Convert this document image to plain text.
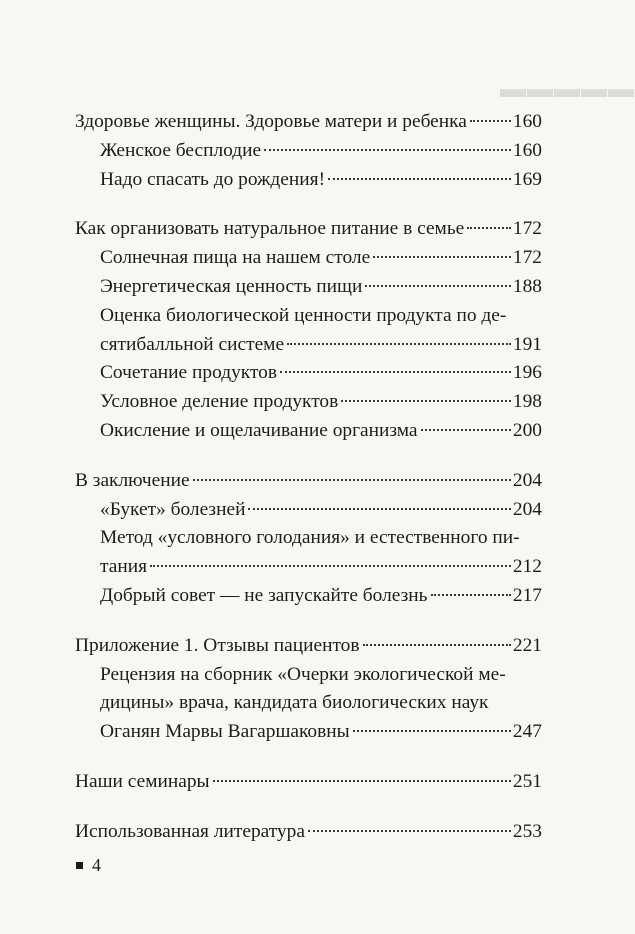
▬▬▬▬▬
Здоровье женщины. Здоровье матери и ребенка 160
Женское бесплодие	160
Надо спасать до рождения!	169
Как организовать натуральное питание в семье	172
Солнечная пища на нашем столе	172
Энергетическая ценность пищи	188
Оценка биологической ценности продукта по де-
сятибалльной системе	191
Сочетание продуктов	196
Условное деление продуктов	198
Окисление и ощелачивание организма	200
В заключение	204
«Букет» болезней	204
Метод «условного голодания» и естественного пи-
тания	212
Добрый совет — не запускайте болезнь	217
Приложение 1. Отзывы пациентов	221
Рецензия на сборник «Очерки экологической ме-
дицины» врача, кандидата биологических наук
Оганян Марвы Вагаршаковны	247
Наши семинары	251
Использованная литература	253
4
